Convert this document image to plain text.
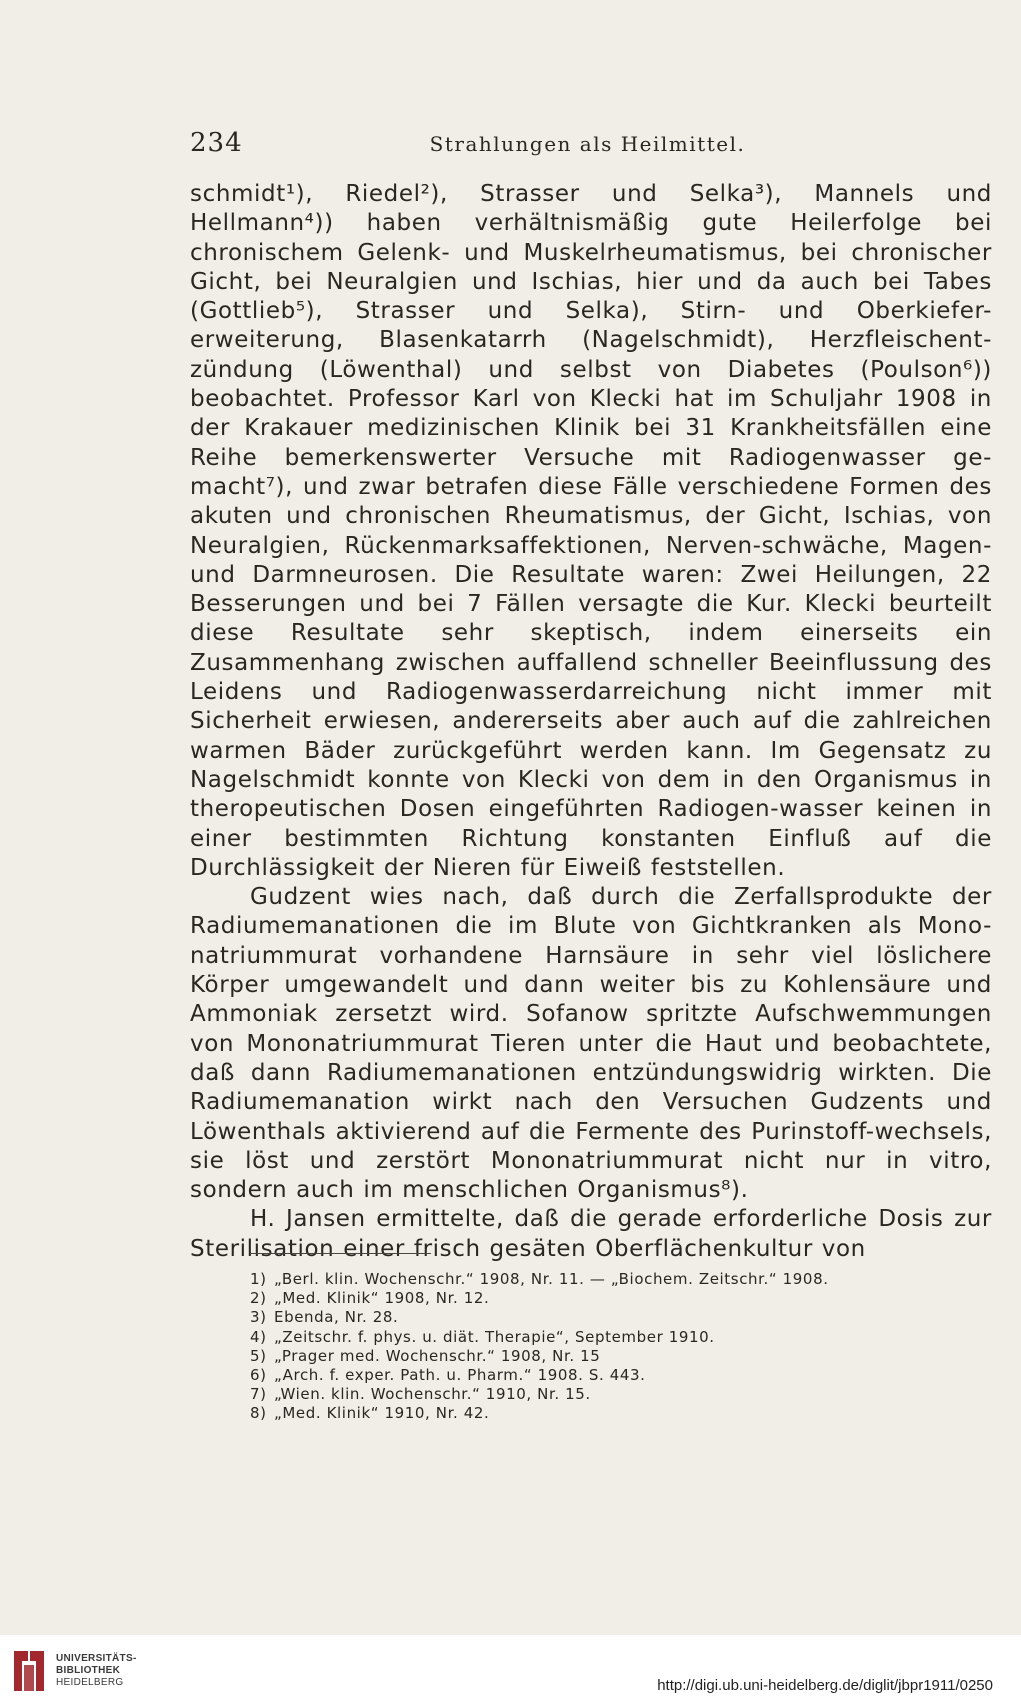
234	Strahlungen als Heilmittel.

schmidt¹), Riedel²), Strasser und Selka³), Mannels und Hellmann⁴)) haben verhältnismäßig gute Heilerfolge bei chronischem Gelenk- und Muskelrheumatismus, bei chronischer Gicht, bei Neuralgien und Ischias, hier und da auch bei Tabes (Gottlieb⁵), Strasser und Selka), Stirn- und Oberkiefer-erweiterung, Blasenkatarrh (Nagelschmidt), Herzfleischent-zündung (Löwenthal) und selbst von Diabetes (Poulson⁶)) beobachtet. Professor Karl von Klecki hat im Schuljahr 1908 in der Krakauer medizinischen Klinik bei 31 Krankheitsfällen eine Reihe bemerkenswerter Versuche mit Radiogenwasser ge-macht⁷), und zwar betrafen diese Fälle verschiedene Formen des akuten und chronischen Rheumatismus, der Gicht, Ischias, von Neuralgien, Rückenmarksaffektionen, Nerven-schwäche, Magen- und Darmneurosen. Die Resultate waren: Zwei Heilungen, 22 Besserungen und bei 7 Fällen versagte die Kur. Klecki beurteilt diese Resultate sehr skeptisch, indem einerseits ein Zusammenhang zwischen auffallend schneller Beeinflussung des Leidens und Radiogenwasserdarreichung nicht immer mit Sicherheit erwiesen, andererseits aber auch auf die zahlreichen warmen Bäder zurückgeführt werden kann. Im Gegensatz zu Nagelschmidt konnte von Klecki von dem in den Organismus in theropeutischen Dosen eingeführten Radiogen-wasser keinen in einer bestimmten Richtung konstanten Einfluß auf die Durchlässigkeit der Nieren für Eiweiß feststellen.

Gudzent wies nach, daß durch die Zerfallsprodukte der Radiumemanationen die im Blute von Gichtkranken als Mono-natriummurat vorhandene Harnsäure in sehr viel löslichere Körper umgewandelt und dann weiter bis zu Kohlensäure und Ammoniak zersetzt wird. Sofanow spritzte Aufschwemmungen von Mononatriummurat Tieren unter die Haut und beobachtete, daß dann Radiumemanationen entzündungswidrig wirkten. Die Radiumemanation wirkt nach den Versuchen Gudzents und Löwenthals aktivierend auf die Fermente des Purinstoff-wechsels, sie löst und zerstört Mononatriummurat nicht nur in vitro, sondern auch im menschlichen Organismus⁸).

H. Jansen ermittelte, daß die gerade erforderliche Dosis zur Sterilisation einer frisch gesäten Oberflächenkultur von

1) „Berl. klin. Wochenschr.“ 1908, Nr. 11. — „Biochem. Zeitschr.“ 1908.
2) „Med. Klinik“ 1908, Nr. 12.
3) Ebenda, Nr. 28.
4) „Zeitschr. f. phys. u. diät. Therapie“, September 1910.
5) „Prager med. Wochenschr.“ 1908, Nr. 15
6) „Arch. f. exper. Path. u. Pharm.“ 1908. S. 443.
7) „Wien. klin. Wochenschr.“ 1910, Nr. 15.
8) „Med. Klinik“ 1910, Nr. 42.
UNIVERSITÄTS-
BIBLIOTHEK
HEIDELBERG	http://digi.ub.uni-heidelberg.de/diglit/jbpr1911/0250
